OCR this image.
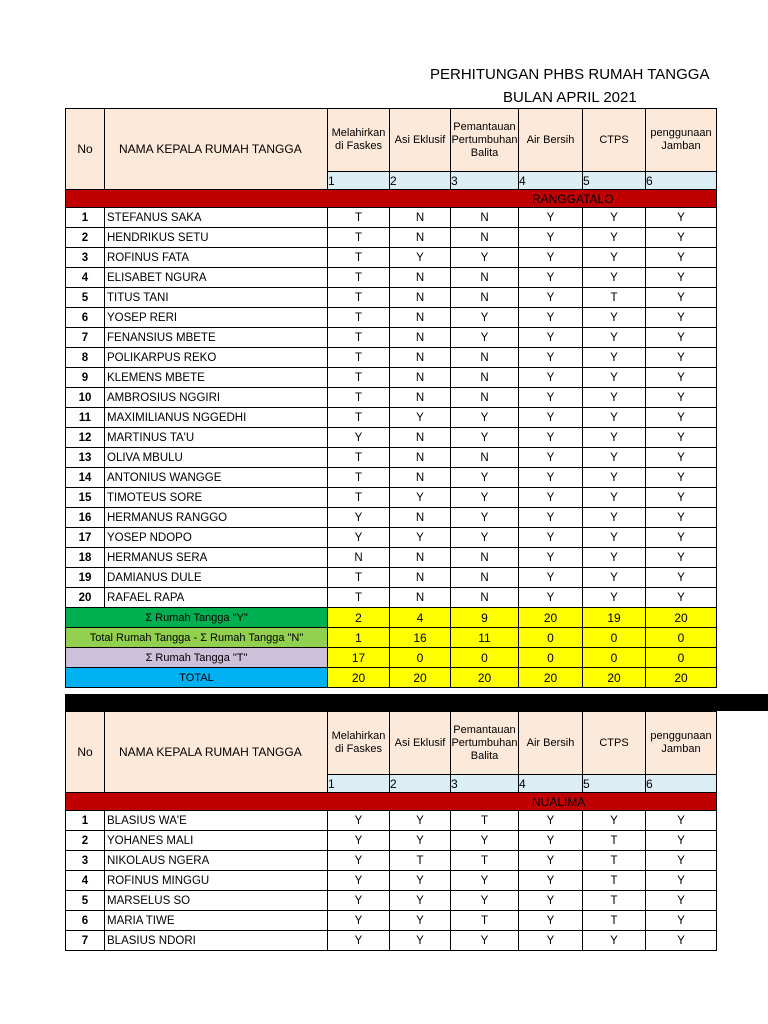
PERHITUNGAN PHBS RUMAH TANGGA
BULAN APRIL 2021
No	NAMA KEPALA RUMAH TANGGA	Melahirkan di Faskes	Asi Eklusif	Pemantauan Pertumbuhan Balita	Air Bersih	CTPS	penggunaan Jamban
		1	2	3	4	5	6

RANGGATALO							

1	STEFANUS SAKA	T	N	N	Y	Y	Y
2	HENDRIKUS SETU	T	N	N	Y	Y	Y
3	ROFINUS FATA	T	Y	Y	Y	Y	Y
4	ELISABET NGURA	T	N	N	Y	Y	Y
5	TITUS TANI	T	N	N	Y	T	Y
6	YOSEP RERI	T	N	Y	Y	Y	Y
7	FENANSIUS MBETE	T	N	Y	Y	Y	Y
8	POLIKARPUS REKO	T	N	N	Y	Y	Y
9	KLEMENS MBETE	T	N	N	Y	Y	Y
10	AMBROSIUS NGGIRI	T	N	N	Y	Y	Y
11	MAXIMILIANUS NGGEDHI	T	Y	Y	Y	Y	Y
12	MARTINUS TA'U	Y	N	Y	Y	Y	Y
13	OLIVA MBULU	T	N	N	Y	Y	Y
14	ANTONIUS WANGGE	T	N	Y	Y	Y	Y
15	TIMOTEUS SORE	T	Y	Y	Y	Y	Y
16	HERMANUS RANGGO	Y	N	Y	Y	Y	Y
17	YOSEP NDOPO	Y	Y	Y	Y	Y	Y
18	HERMANUS SERA	N	N	N	Y	Y	Y
19	DAMIANUS DULE	T	N	N	Y	Y	Y
20	RAFAEL RAPA	T	N	N	Y	Y	Y
Σ Rumah Tangga "Y"		2	4	9	20	19	20
Total Rumah Tangga - Σ Rumah Tangga "N"		1	16	11	0	0	0
Σ Rumah Tangga "T"		17	0	0	0	0	0
TOTAL		20	20	20	20	20	20
No	NAMA KEPALA RUMAH TANGGA	Melahirkan di Faskes	Asi Eklusif	Pemantauan Pertumbuhan Balita	Air Bersih	CTPS	penggunaan Jamban
		1	2	3	4	5	6

NUALIMA							

1	BLASIUS WA'E	Y	Y	T	Y	Y	Y
2	YOHANES MALI	Y	Y	Y	Y	T	Y
3	NIKOLAUS NGERA	Y	T	T	Y	T	Y
4	ROFINUS MINGGU	Y	Y	Y	Y	T	Y
5	MARSELUS SO	Y	Y	Y	Y	T	Y
6	MARIA TIWE	Y	Y	T	Y	T	Y
7	BLASIUS NDORI	Y	Y	Y	Y	Y	Y
